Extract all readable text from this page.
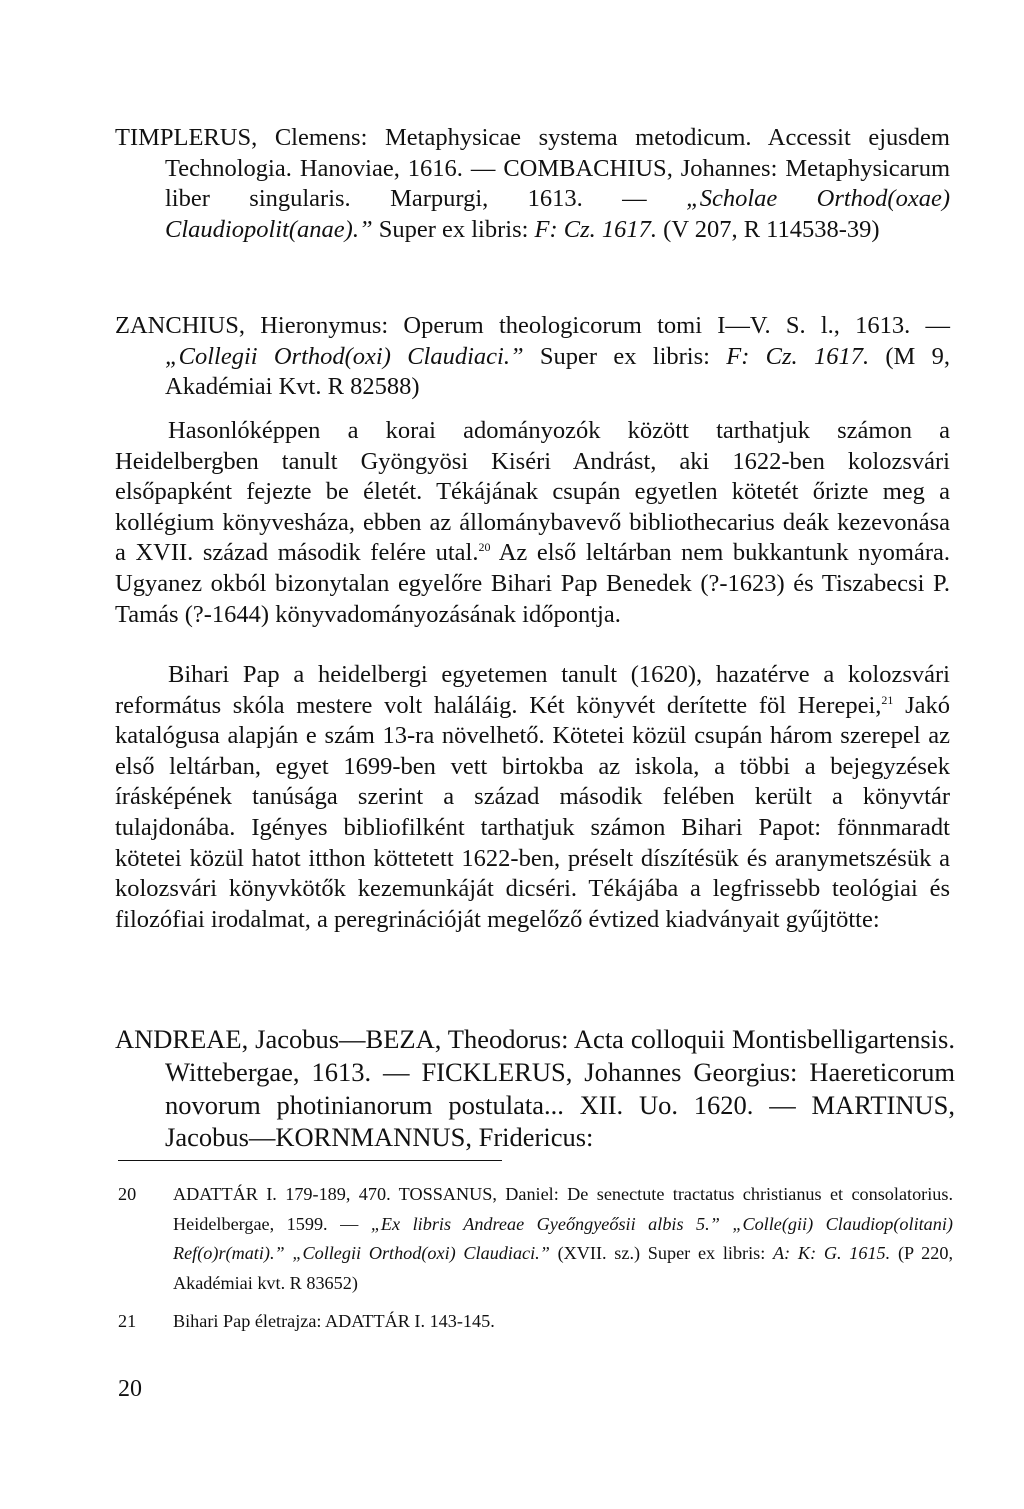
TIMPLERUS, Clemens: Metaphysicae systema metodicum. Accessit ejusdem Technologia. Hanoviae, 1616. — COMBACHIUS, Johannes: Metaphysicarum liber singularis. Marpurgi, 1613. — „Scholae Orthod(oxae) Claudiopolit(anae).” Super ex libris: F: Cz. 1617. (V 207, R 114538-39)
ZANCHIUS, Hieronymus: Operum theologicorum tomi I—V. S. l., 1613. — „Collegii Orthod(oxi) Claudiaci.” Super ex libris: F: Cz. 1617. (M 9, Akadémiai Kvt. R 82588)
Hasonlóképpen a korai adományozók között tarthatjuk számon a Heidelbergben tanult Gyöngyösi Kiséri Andrást, aki 1622-ben kolozsvári elsőpapként fejezte be életét. Tékájának csupán egyetlen kötetét őrizte meg a kollégium könyvesháza, ebben az állománybavevő bibliothecarius deák kezevonása a XVII. század második felére utal.$^{20}$ Az első leltárban nem bukkantunk nyomára. Ugyanez okból bizonytalan egyelőre Bihari Pap Benedek (?-1623) és Tiszabecsi P. Tamás (?-1644) könyvadományozásának időpontja.
Bihari Pap a heidelbergi egyetemen tanult (1620), hazatérve a kolozsvári református skóla mestere volt haláláig. Két könyvét derítette föl Herepei,$^{21}$ Jakó katalógusa alapján e szám 13-ra növelhető. Kötetei közül csupán három szerepel az első leltárban, egyet 1699-ben vett birtokba az iskola, a többi a bejegyzések írásképének tanúsága szerint a század második felében került a könyvtár tulajdonába. Igényes bibliofilként tarthatjuk számon Bihari Papot: fönnmaradt kötetei közül hatot itthon köttetett 1622-ben, préselt díszítésük és aranymetszésük a kolozsvári könyvkötők kezemunkáját dicséri. Tékájába a legfrissebb teológiai és filozófiai irodalmat, a peregrinációját megelőző évtized kiadványait gyűjtötte:
ANDREAE, Jacobus—BEZA, Theodorus: Acta colloquii Montisbelligartensis. Wittebergae, 1613. — FICKLERUS, Johannes Georgius: Haereticorum novorum photinianorum postulata... XII. Uo. 1620. — MARTINUS, Jacobus—KORNMANNUS, Fridericus:
20 ADATTÁR I. 179-189, 470. TOSSANUS, Daniel: De senectute tractatus christianus et consolatorius. Heidelbergae, 1599. — „Ex libris Andreae Gyeőngyeősii albis 5.” „Colle(gii) Claudiop(olitani) Ref(o)r(mati).” „Collegii Orthod(oxi) Claudiaci.” (XVII. sz.) Super ex libris: A: K: G. 1615. (P 220, Akadémiai kvt. R 83652)
21 Bihari Pap életrajza: ADATTÁR I. 143-145.
20
